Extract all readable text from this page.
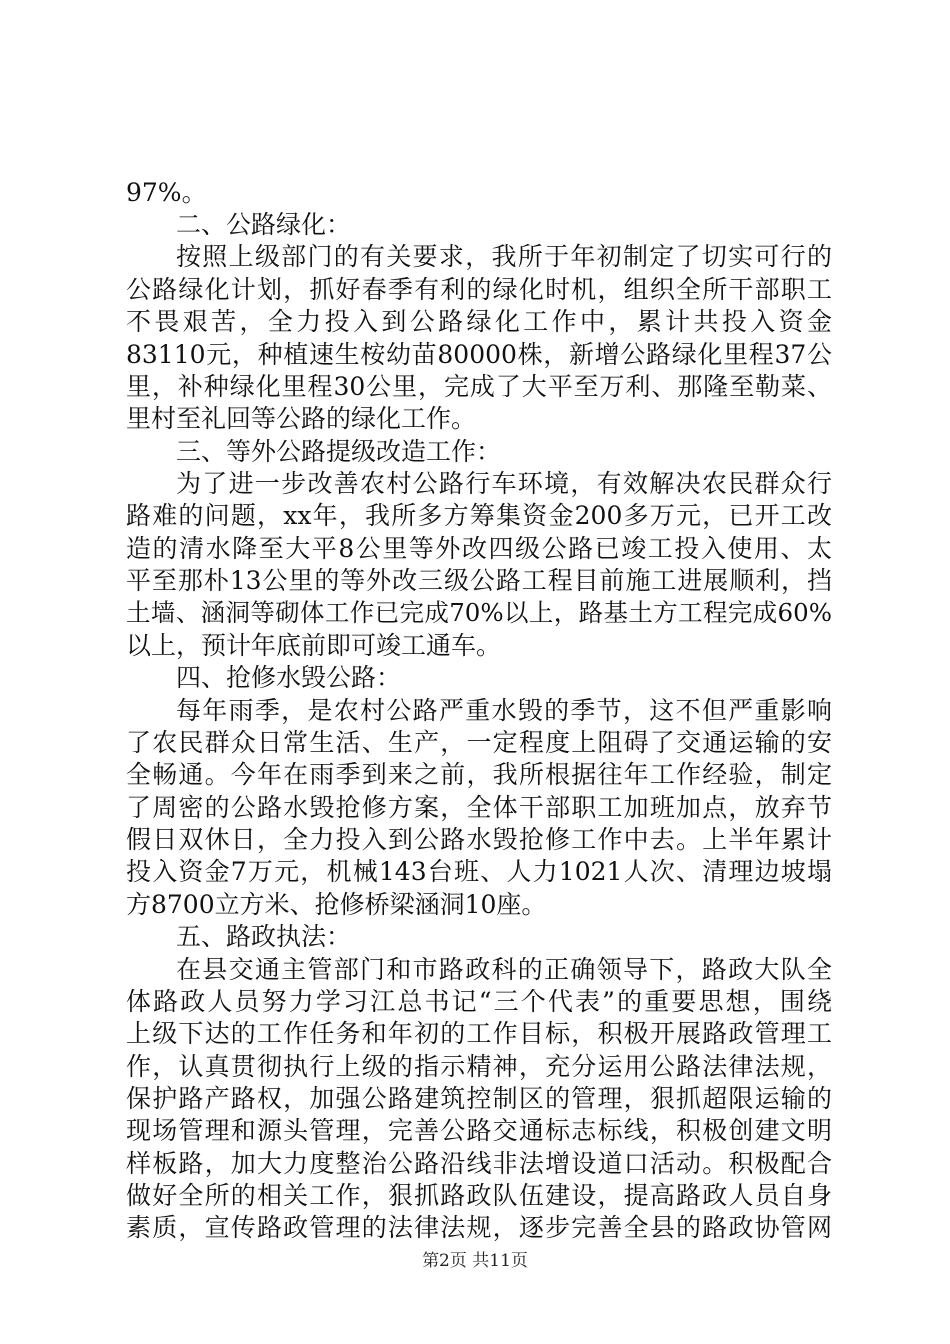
97%。
二、公路绿化：
按照上级部门的有关要求，我所于年初制定了切实可行的
公路绿化计划，抓好春季有利的绿化时机，组织全所干部职工
不畏艰苦，全力投入到公路绿化工作中，累计共投入资金
83110元，种植速生桉幼苗80000株，新增公路绿化里程37公
里，补种绿化里程30公里，完成了大平至万利、那隆至勒菜、
里村至礼回等公路的绿化工作。
三、等外公路提级改造工作：
为了进一步改善农村公路行车环境，有效解决农民群众行
路难的问题，xx年，我所多方筹集资金200多万元，已开工改
造的清水降至大平8公里等外改四级公路已竣工投入使用、太
平至那朴13公里的等外改三级公路工程目前施工进展顺利，挡
土墙、涵洞等砌体工作已完成70%以上，路基土方工程完成60%
以上，预计年底前即可竣工通车。
四、抢修水毁公路：
每年雨季，是农村公路严重水毁的季节，这不但严重影响
了农民群众日常生活、生产，一定程度上阻碍了交通运输的安
全畅通。今年在雨季到来之前，我所根据往年工作经验，制定
了周密的公路水毁抢修方案，全体干部职工加班加点，放弃节
假日双休日，全力投入到公路水毁抢修工作中去。上半年累计
投入资金7万元，机械143台班、人力1021人次、清理边坡塌
方8700立方米、抢修桥梁涵洞10座。
五、路政执法：
在县交通主管部门和市路政科的正确领导下，路政大队全
体路政人员努力学习江总书记“三个代表”的重要思想，围绕
上级下达的工作任务和年初的工作目标，积极开展路政管理工
作，认真贯彻执行上级的指示精神，充分运用公路法律法规，
保护路产路权，加强公路建筑控制区的管理，狠抓超限运输的
现场管理和源头管理，完善公路交通标志标线，积极创建文明
样板路，加大力度整治公路沿线非法增设道口活动。积极配合
做好全所的相关工作，狠抓路政队伍建设，提高路政人员自身
素质，宣传路政管理的法律法规，逐步完善全县的路政协管网
第2页 共11页
